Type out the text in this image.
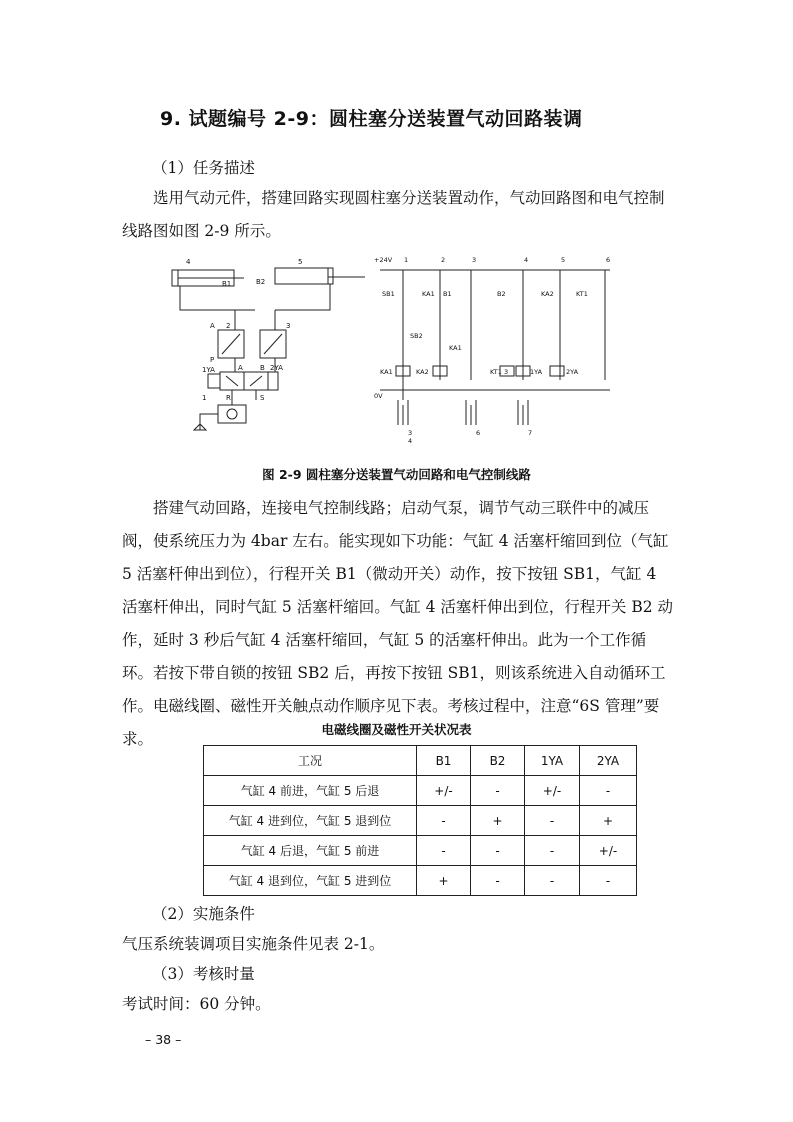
9. 试题编号 2-9：圆柱塞分送装置气动回路装调
（1）任务描述
选用气动元件，搭建回路实现圆柱塞分送装置动作，气动回路图和电气控制线路图如图 2-9 所示。
4	5
B1	B2
2	3
A
P
A B
R	S
1YA	2YA
1
+24V
0V
1	2	3	4	5	6
SB1	KA1 B1	B2	KA2	KT1
SB2
KA1
KA1	KA2	KT1 3	1YA	2YA
3
4
6	7
图 2-9 圆柱塞分送装置气动回路和电气控制线路
搭建气动回路，连接电气控制线路；启动气泵，调节气动三联件中的减压阀，使系统压力为 4bar 左右。能实现如下功能：气缸 4 活塞杆缩回到位（气缸 5 活塞杆伸出到位），行程开关 B1（微动开关）动作，按下按钮 SB1，气缸 4 活塞杆伸出，同时气缸 5 活塞杆缩回。气缸 4 活塞杆伸出到位，行程开关 B2 动作，延时 3 秒后气缸 4 活塞杆缩回，气缸 5 的活塞杆伸出。此为一个工作循环。若按下带自锁的按钮 SB2 后，再按下按钮 SB1，则该系统进入自动循环工作。电磁线圈、磁性开关触点动作顺序见下表。考核过程中，注意“6S 管理”要求。
电磁线圈及磁性开关状况表
工况	B1	B2	1YA	2YA
气缸 4 前进，气缸 5 后退	+/-	-	+/-	-
气缸 4 进到位，气缸 5 退到位	-	+	-	+
气缸 4 后退，气缸 5 前进	-	-	-	+/-
气缸 4 退到位，气缸 5 进到位	+	-	-	-
（2）实施条件
气压系统装调项目实施条件见表 2-1。
（3）考核时量
考试时间：60 分钟。
– 38 –
